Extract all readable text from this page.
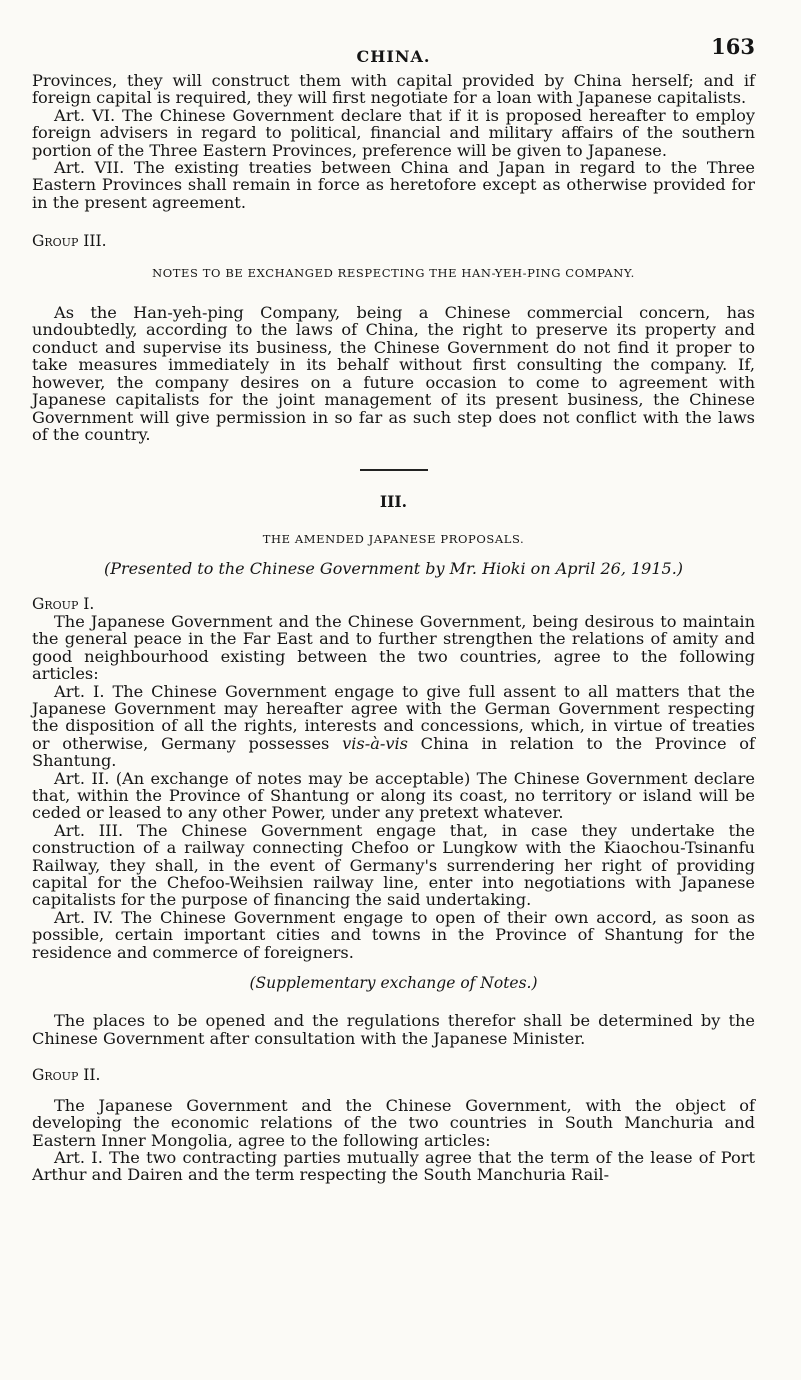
CHINA.	163

Provinces, they will construct them with capital provided by China herself; and if foreign capital is required, they will first negotiate for a loan with Japanese capitalists.

Art. VI. The Chinese Government declare that if it is proposed hereafter to employ foreign advisers in regard to political, financial and military affairs of the southern portion of the Three Eastern Provinces, preference will be given to Japanese.

Art. VII. The existing treaties between China and Japan in regard to the Three Eastern Provinces shall remain in force as heretofore except as otherwise provided for in the present agreement.

Group III.
NOTES TO BE EXCHANGED RESPECTING THE HAN-YEH-PING COMPANY.

As the Han-yeh-ping Company, being a Chinese commercial concern, has undoubtedly, according to the laws of China, the right to preserve its property and conduct and supervise its business, the Chinese Government do not find it proper to take measures immediately in its behalf without first consulting the company. If, however, the company desires on a future occasion to come to agreement with Japanese capitalists for the joint management of its present business, the Chinese Government will give permission in so far as such step does not conflict with the laws of the country.

III.
THE AMENDED JAPANESE PROPOSALS.
(Presented to the Chinese Government by Mr. Hioki on April 26, 1915.)
Group I.

The Japanese Government and the Chinese Government, being desirous to maintain the general peace in the Far East and to further strengthen the relations of amity and good neighbourhood existing between the two countries, agree to the following articles:

Art. I. The Chinese Government engage to give full assent to all matters that the Japanese Government may hereafter agree with the German Government respecting the disposition of all the rights, interests and concessions, which, in virtue of treaties or otherwise, Germany possesses vis-à-vis China in relation to the Province of Shantung.

Art. II. (An exchange of notes may be acceptable) The Chinese Government declare that, within the Province of Shantung or along its coast, no territory or island will be ceded or leased to any other Power, under any pretext whatever.

Art. III. The Chinese Government engage that, in case they undertake the construction of a railway connecting Chefoo or Lungkow with the Kiaochou-Tsinanfu Railway, they shall, in the event of Germany's surrendering her right of providing capital for the Chefoo-Weihsien railway line, enter into negotiations with Japanese capitalists for the purpose of financing the said undertaking.

Art. IV. The Chinese Government engage to open of their own accord, as soon as possible, certain important cities and towns in the Province of Shantung for the residence and commerce of foreigners.

(Supplementary exchange of Notes.)

The places to be opened and the regulations therefor shall be determined by the Chinese Government after consultation with the Japanese Minister.

Group II.

The Japanese Government and the Chinese Government, with the object of developing the economic relations of the two countries in South Manchuria and Eastern Inner Mongolia, agree to the following articles:

Art. I. The two contracting parties mutually agree that the term of the lease of Port Arthur and Dairen and the term respecting the South Manchuria Rail-
